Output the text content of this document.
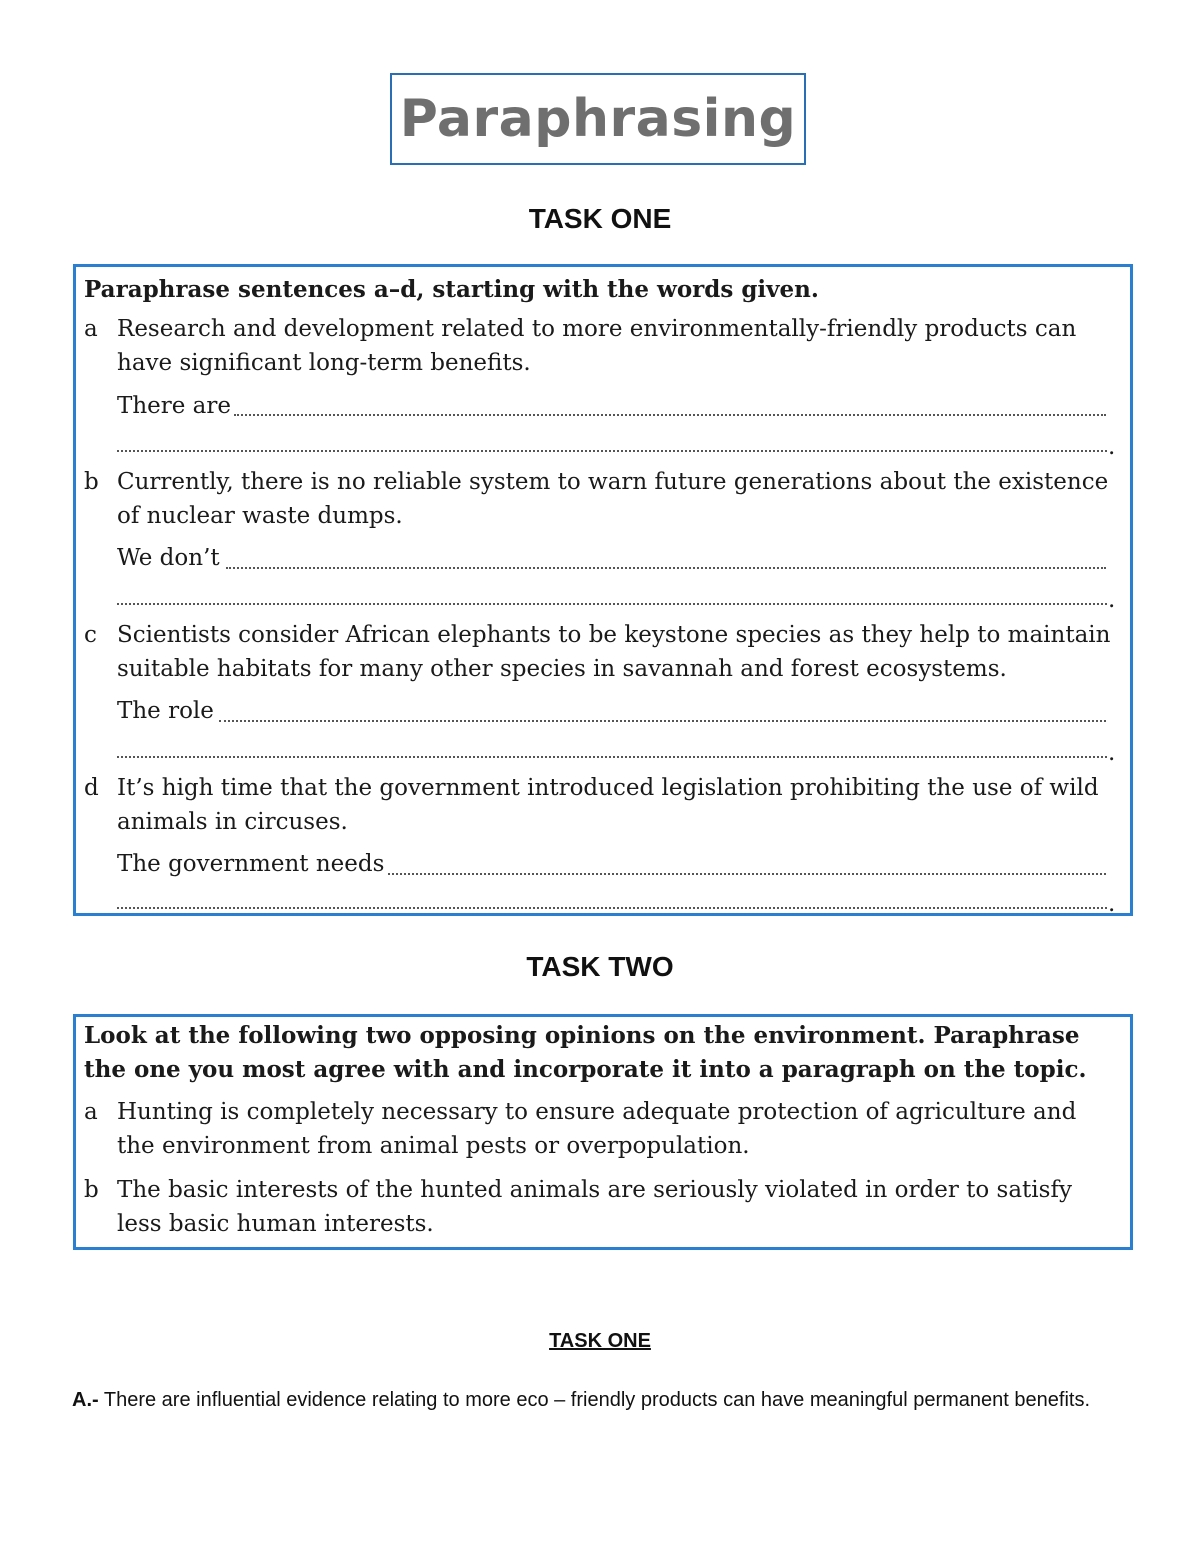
Paraphrasing
TASK ONE
Paraphrase sentences a–d, starting with the words given.
a Research and development related to more environmentally-friendly products can have significant long-term benefits.
There are
.
b Currently, there is no reliable system to warn future generations about the existence of nuclear waste dumps.
We don’t
.
c Scientists consider African elephants to be keystone species as they help to maintain suitable habitats for many other species in savannah and forest ecosystems.
The role
.
d It’s high time that the government introduced legislation prohibiting the use of wild animals in circuses.
The government needs
.
TASK TWO
Look at the following two opposing opinions on the environment. Paraphrase the one you most agree with and incorporate it into a paragraph on the topic.
a Hunting is completely necessary to ensure adequate protection of agriculture and the environment from animal pests or overpopulation.
b The basic interests of the hunted animals are seriously violated in order to satisfy less basic human interests.
TASK ONE
A.- There are influential evidence relating to more eco – friendly products can have meaningful permanent benefits.
